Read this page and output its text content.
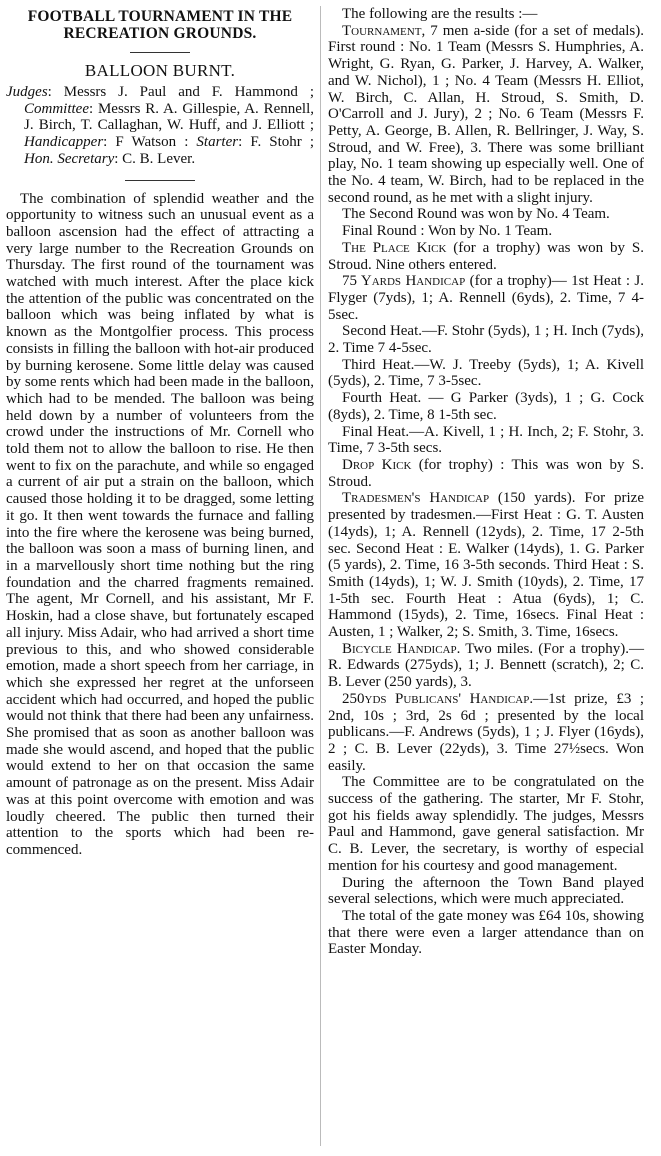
FOOTBALL TOURNAMENT IN THE
RECREATION GROUNDS.
BALLOON BURNT.

Judges: Messrs J. Paul and F. Hammond ; Committee: Messrs R. A. Gillespie, A. Rennell, J. Birch, T. Callaghan, W. Huff, and J. Elliott ; Handicapper: F Watson : Starter: F. Stohr ; Hon. Secretary: C. B. Lever.

The combination of splendid weather and the opportunity to witness such an unusual event as a balloon ascension had the effect of attracting a very large number to the Recreation Grounds on Thursday. The first round of the tournament was watched with much interest. After the place kick the attention of the public was concentrated on the balloon which was being inflated by what is known as the Montgolfier process. This process consists in filling the balloon with hot-air produced by burning kerosene. Some little delay was caused by some rents which had been made in the balloon, which had to be mended. The balloon was being held down by a number of volunteers from the crowd under the instructions of Mr. Cornell who told them not to allow the balloon to rise. He then went to fix on the parachute, and while so engaged a current of air put a strain on the balloon, which caused those holding it to be dragged, some letting it go. It then went towards the furnace and falling into the fire where the kerosene was being burned, the balloon was soon a mass of burning linen, and in a marvellously short time nothing but the ring foundation and the charred fragments remained. The agent, Mr Cornell, and his assistant, Mr F. Hoskin, had a close shave, but fortunately escaped all injury. Miss Adair, who had arrived a short time previous to this, and who showed considerable emotion, made a short speech from her carriage, in which she expressed her regret at the unforseen accident which had occurred, and hoped the public would not think that there had been any unfairness. She promised that as soon as another balloon was made she would ascend, and hoped that the public would extend to her on that occasion the same amount of patronage as on the present. Miss Adair was at this point overcome with emotion and was loudly cheered. The public then turned their attention to the sports which had been re-commenced.

The following are the results :—

Tournament, 7 men a-side (for a set of medals). First round : No. 1 Team (Messrs S. Humphries, A. Wright, G. Ryan, G. Parker, J. Harvey, A. Walker, and W. Nichol), 1 ; No. 4 Team (Messrs H. Elliot, W. Birch, C. Allan, H. Stroud, S. Smith, D. O'Carroll and J. Jury), 2 ; No. 6 Team (Messrs F. Petty, A. George, B. Allen, R. Bellringer, J. Way, S. Stroud, and W. Free), 3. There was some brilliant play, No. 1 team showing up especially well. One of the No. 4 team, W. Birch, had to be replaced in the second round, as he met with a slight injury.

The Second Round was won by No. 4 Team.

Final Round : Won by No. 1 Team.

The Place Kick (for a trophy) was won by S. Stroud. Nine others entered.

75 Yards Handicap (for a trophy)— 1st Heat : J. Flyger (7yds), 1; A. Rennell (6yds), 2. Time, 7 4-5sec.

Second Heat.—F. Stohr (5yds), 1 ; H. Inch (7yds), 2. Time 7 4-5sec.

Third Heat.—W. J. Treeby (5yds), 1; A. Kivell (5yds), 2. Time, 7 3-5sec.

Fourth Heat. — G Parker (3yds), 1 ; G. Cock (8yds), 2. Time, 8 1-5th sec.

Final Heat.—A. Kivell, 1 ; H. Inch, 2; F. Stohr, 3. Time, 7 3-5th secs.

Drop Kick (for trophy) : This was won by S. Stroud.

Tradesmen's Handicap (150 yards). For prize presented by tradesmen.—First Heat : G. T. Austen (14yds), 1; A. Rennell (12yds), 2. Time, 17 2-5th sec. Second Heat : E. Walker (14yds), 1. G. Parker (5 yards), 2. Time, 16 3-5th seconds. Third Heat : S. Smith (14yds), 1; W. J. Smith (10yds), 2. Time, 17 1-5th sec. Fourth Heat : Atua (6yds), 1; C. Hammond (15yds), 2. Time, 16secs. Final Heat : Austen, 1 ; Walker, 2; S. Smith, 3. Time, 16secs.

Bicycle Handicap. Two miles. (For a trophy).—R. Edwards (275yds), 1; J. Bennett (scratch), 2; C. B. Lever (250 yards), 3.

250yds Publicans' Handicap.—1st prize, £3 ; 2nd, 10s ; 3rd, 2s 6d ; presented by the local publicans.—F. Andrews (5yds), 1 ; J. Flyer (16yds), 2 ; C. B. Lever (22yds), 3. Time 27½secs. Won easily.

The Committee are to be congratulated on the success of the gathering. The starter, Mr F. Stohr, got his fields away splendidly. The judges, Messrs Paul and Hammond, gave general satisfaction. Mr C. B. Lever, the secretary, is worthy of especial mention for his courtesy and good management.

During the afternoon the Town Band played several selections, which were much appreciated.

The total of the gate money was £64 10s, showing that there were even a larger attendance than on Easter Monday.
